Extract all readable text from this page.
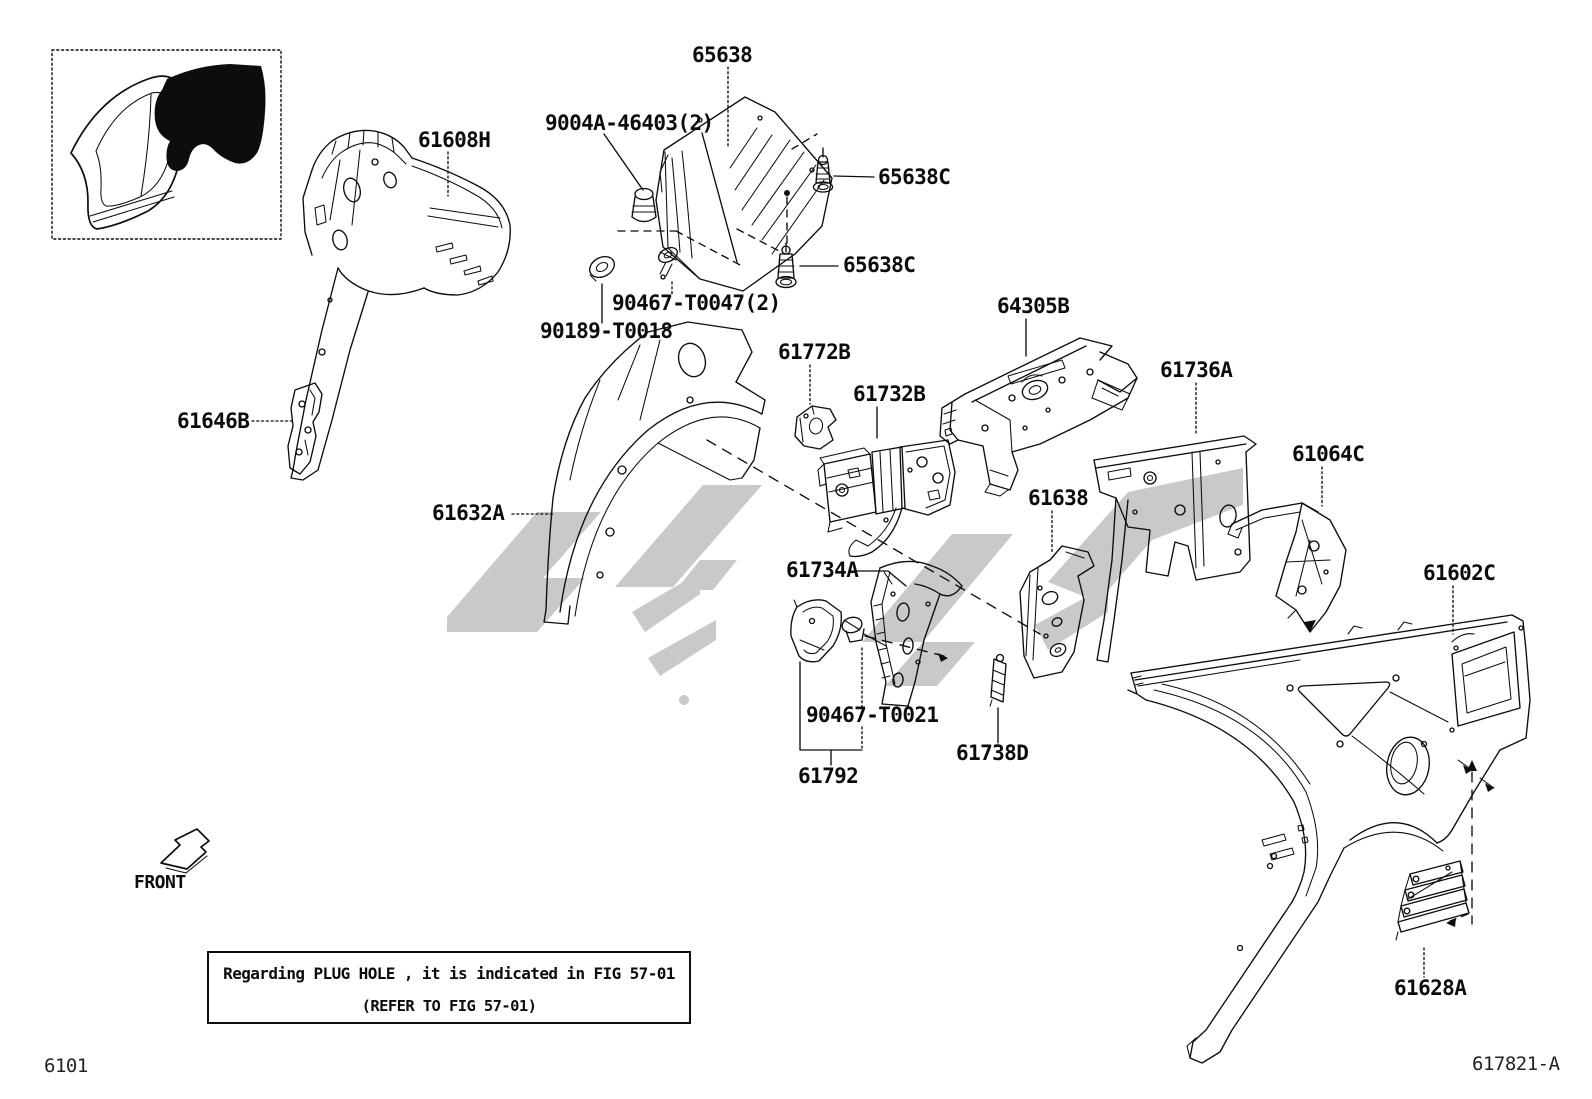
65638
9004A-46403(2)
65638C
65638C
90467-T0047(2)
90189-T0018
61608H
61646B
61632A
61772B
61732B
64305B
61736A
61064C
61638
61734A
90467-T0021
61792
61738D
61602C
61628A
Regarding PLUG HOLE , it is indicated in FIG 57-01
(REFER TO FIG 57-01)
FRONT
6101	617821-A
